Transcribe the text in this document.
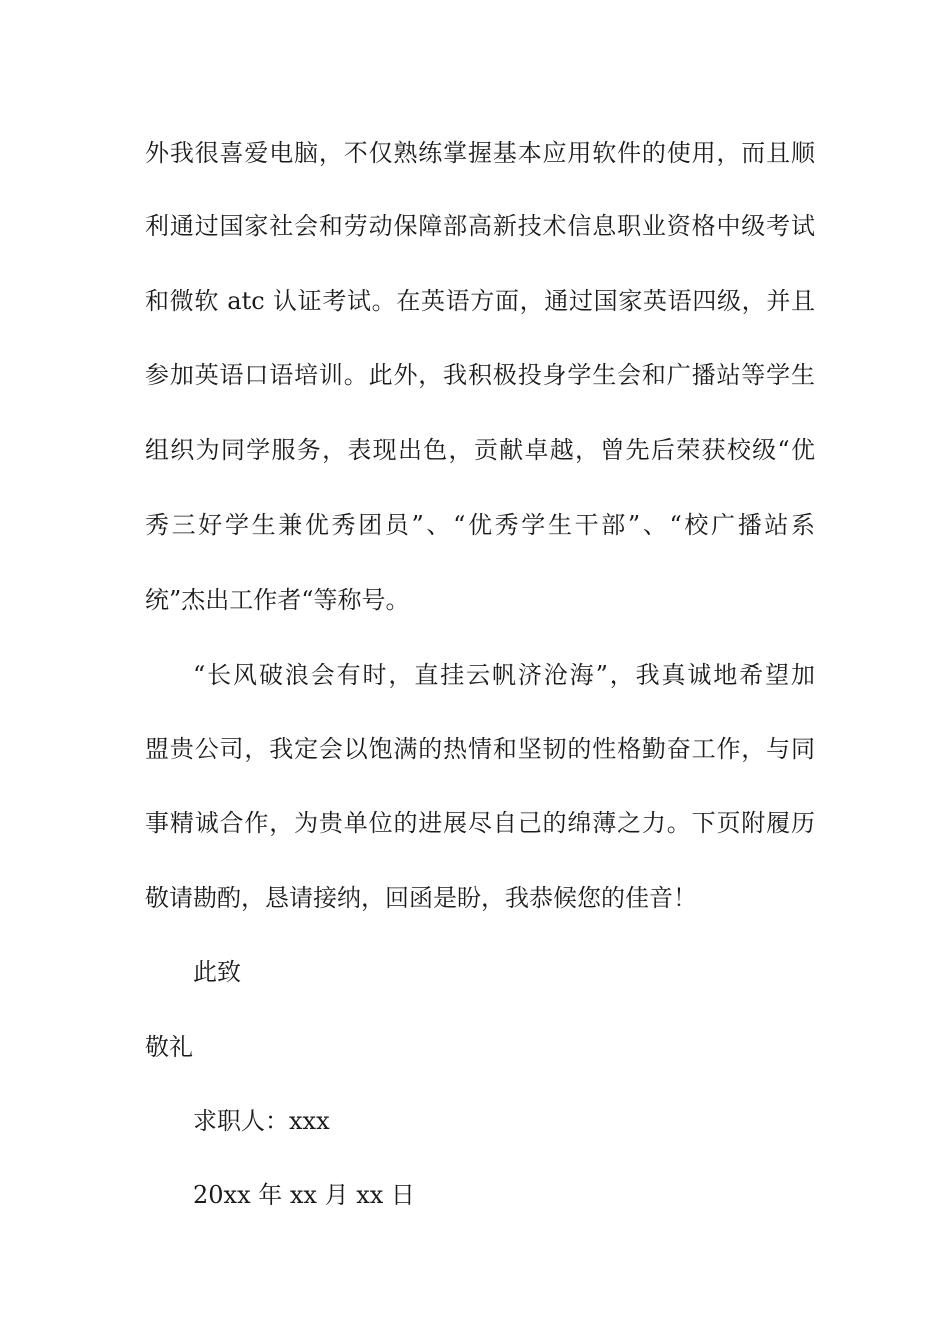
外我很喜爱电脑，不仅熟练掌握基本应用软件的使用，而且顺
利通过国家社会和劳动保障部高新技术信息职业资格中级考试
和微软 atc 认证考试。在英语方面，通过国家英语四级，并且
参加英语口语培训。此外，我积极投身学生会和广播站等学生
组织为同学服务，表现出色，贡献卓越，曾先后荣获校级“优
秀三好学生兼优秀团员”、“优秀学生干部”、“校广播站系
统”杰出工作者“等称号。
“长风破浪会有时，直挂云帆济沧海”，我真诚地希望加
盟贵公司，我定会以饱满的热情和坚韧的性格勤奋工作，与同
事精诚合作，为贵单位的进展尽自己的绵薄之力。下页附履历
敬请勘酌，恳请接纳，回函是盼，我恭候您的佳音！
此致
敬礼
求职人：xxx
20xx 年 xx 月 xx 日
